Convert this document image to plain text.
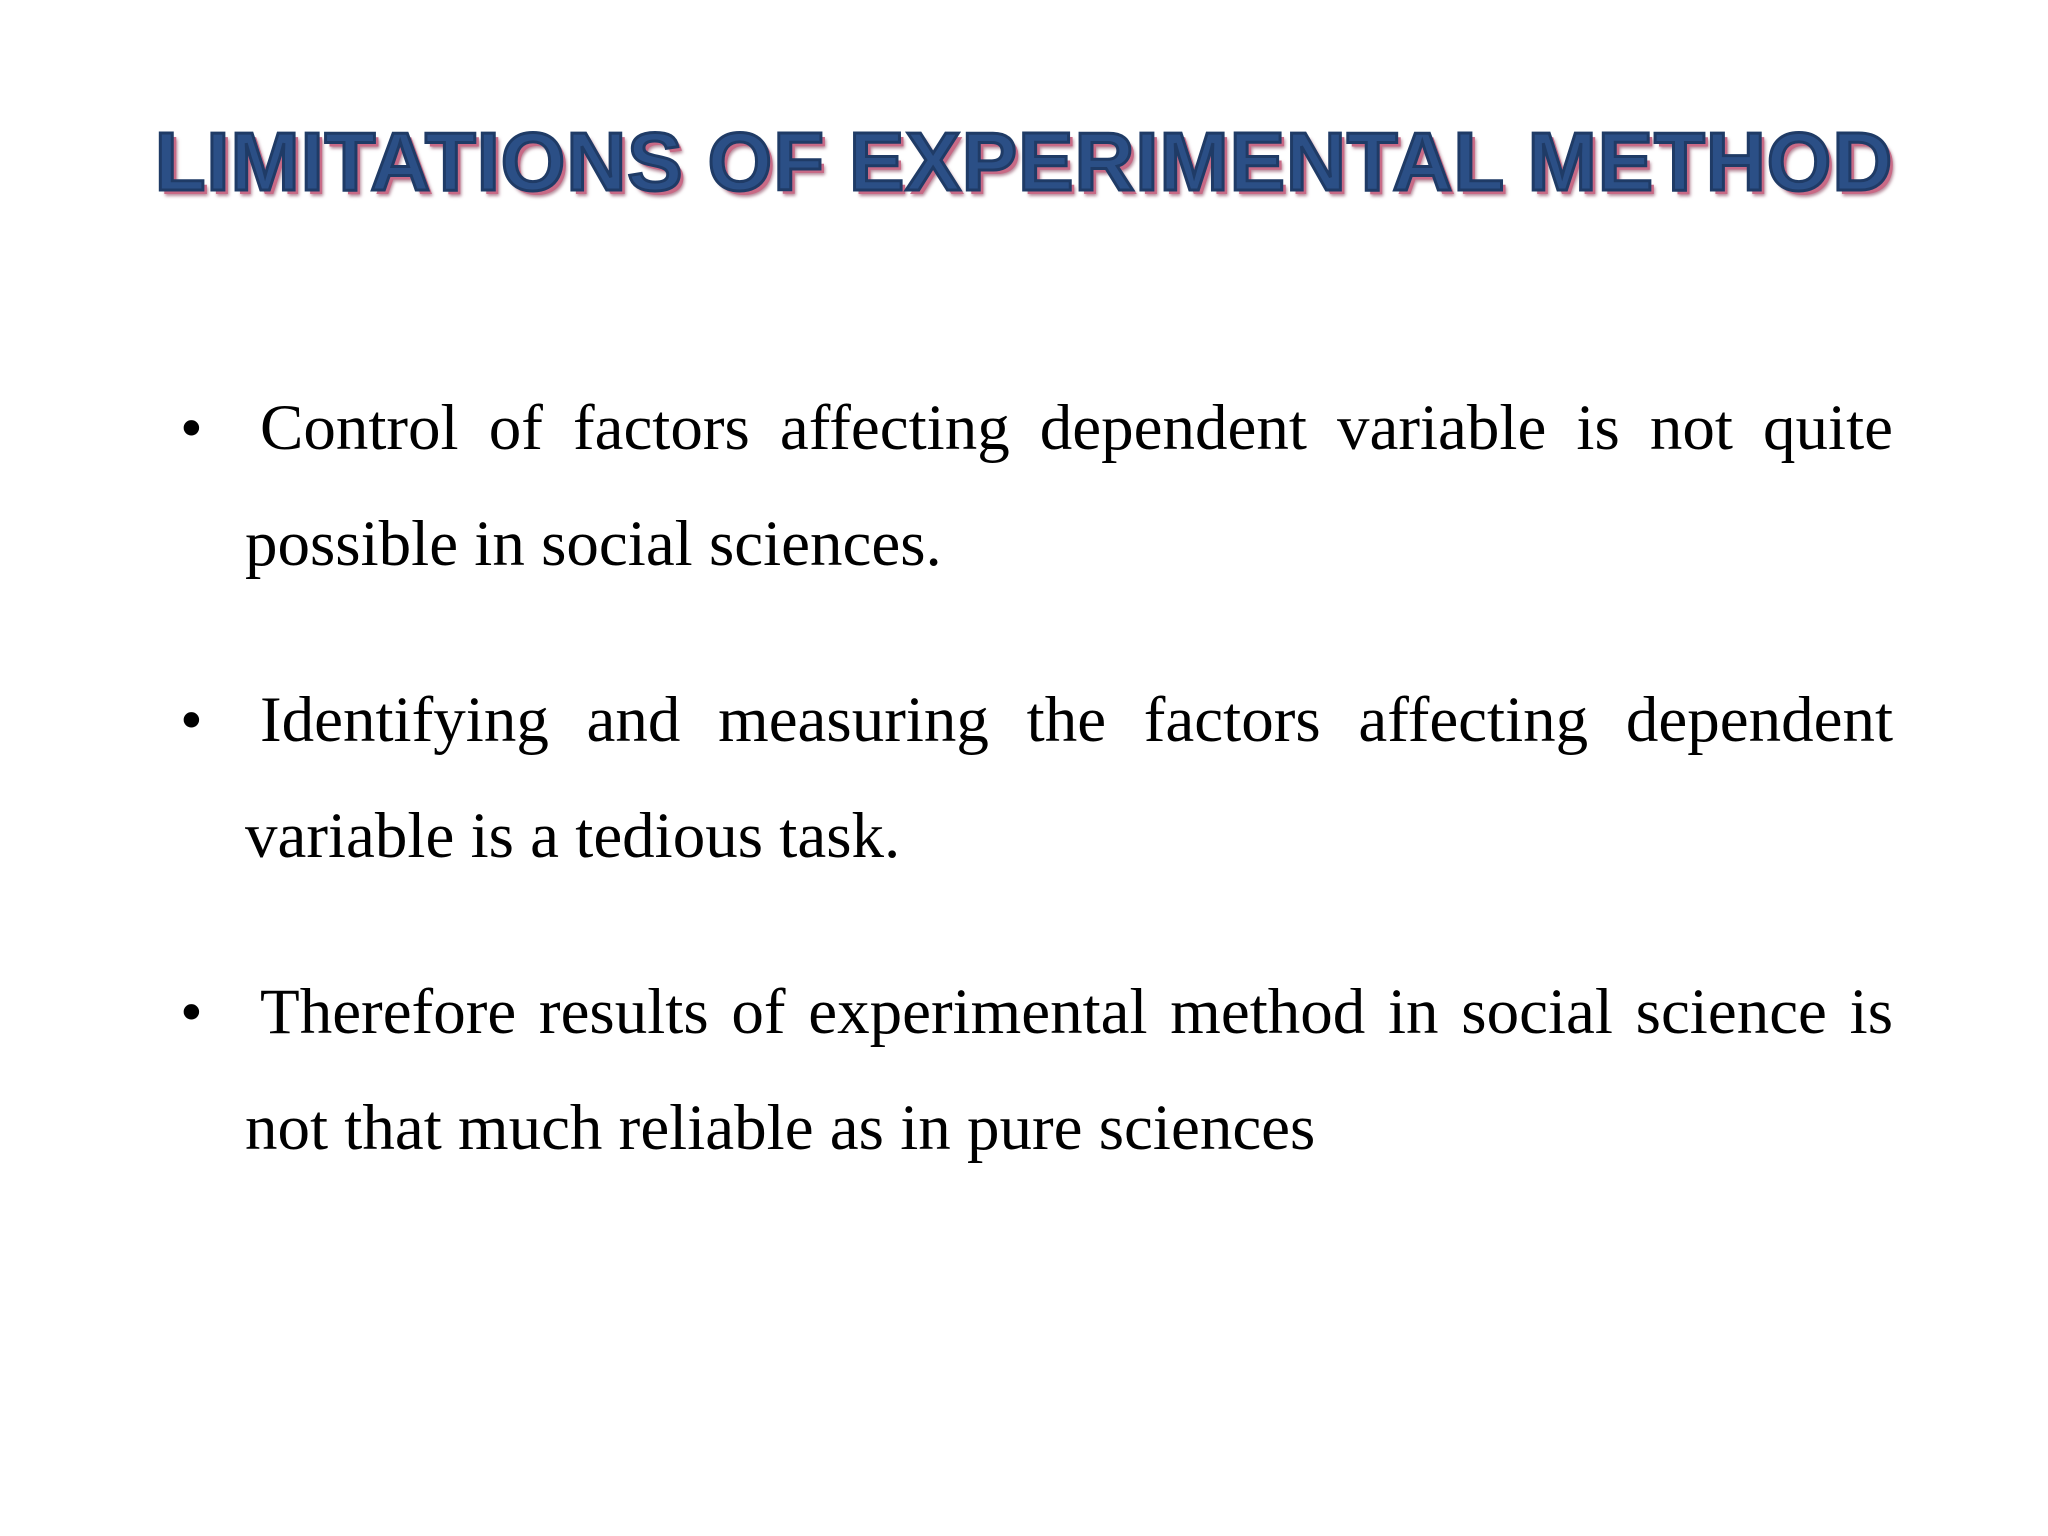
LIMITATIONS OF EXPERIMENTAL METHOD
• Control of factors affecting dependent variable is not quite possible in social sciences.
• Identifying and measuring the factors affecting dependent variable is a tedious task.
• Therefore results of experimental method in social science is not that much reliable as in pure sciences
